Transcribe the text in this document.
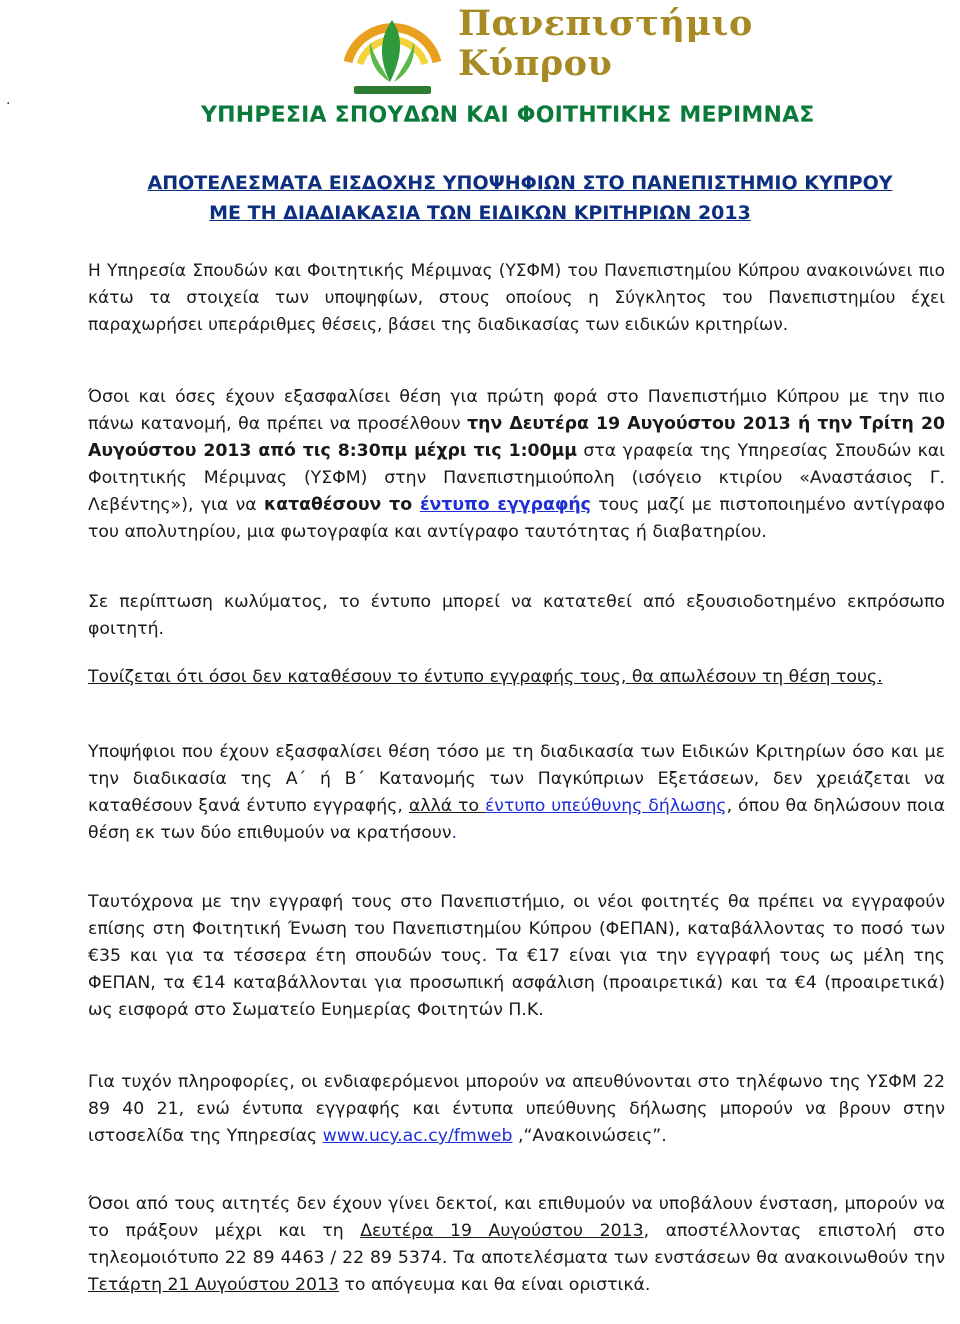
Πανεπιστήμιο
Κύπρου
.
ΥΠΗΡΕΣΙΑ ΣΠΟΥΔΩΝ ΚΑΙ ΦΟΙΤΗΤΙΚΗΣ ΜΕΡΙΜΝΑΣ
ΑΠΟΤΕΛΕΣΜΑΤΑ ΕΙΣΔΟΧΗΣ ΥΠΟΨΗΦΙΩΝ ΣΤΟ ΠΑΝΕΠΙΣΤΗΜΙΟ ΚΥΠΡΟΥ
ΜΕ ΤΗ ΔΙΑΔΙΑΚΑΣΙΑ ΤΩΝ ΕΙΔΙΚΩΝ ΚΡΙΤΗΡΙΩΝ 2013
Η Υπηρεσία Σπουδών και Φοιτητικής Μέριμνας (ΥΣΦΜ) του Πανεπιστημίου Κύπρου ανακοινώνει πιο κάτω τα στοιχεία των υποψηφίων, στους οποίους η Σύγκλητος του Πανεπιστημίου έχει παραχωρήσει υπεράριθμες θέσεις, βάσει της διαδικασίας των ειδικών κριτηρίων.
Όσοι και όσες έχουν εξασφαλίσει θέση για πρώτη φορά στο Πανεπιστήμιο Κύπρου με την πιο πάνω κατανομή, θα πρέπει να προσέλθουν την Δευτέρα 19 Αυγούστου 2013 ή την Τρίτη 20 Αυγούστου 2013 από τις 8:30πμ μέχρι τις 1:00μμ στα γραφεία της Υπηρεσίας Σπουδών και Φοιτητικής Μέριμνας (ΥΣΦΜ) στην Πανεπιστημιούπολη (ισόγειο κτιρίου «Αναστάσιος Γ. Λεβέντης»), για να καταθέσουν το έντυπο εγγραφής τους μαζί με πιστοποιημένο αντίγραφο του απολυτηρίου, μια φωτογραφία και αντίγραφο ταυτότητας ή διαβατηρίου.
Σε περίπτωση κωλύματος, το έντυπο μπορεί να κατατεθεί από εξουσιοδοτημένο εκπρόσωπο φοιτητή.
Τονίζεται ότι όσοι δεν καταθέσουν το έντυπο εγγραφής τους, θα απωλέσουν τη θέση τους.
Υποψήφιοι που έχουν εξασφαλίσει θέση τόσο με τη διαδικασία των Ειδικών Κριτηρίων όσο και με την διαδικασία της Α΄ ή Β΄ Κατανομής των Παγκύπριων Εξετάσεων, δεν χρειάζεται να καταθέσουν ξανά έντυπο εγγραφής, αλλά το έντυπο υπεύθυνης δήλωσης, όπου θα δηλώσουν ποια θέση εκ των δύο επιθυμούν να κρατήσουν.
Ταυτόχρονα με την εγγραφή τους στο Πανεπιστήμιο, οι νέοι φοιτητές θα πρέπει να εγγραφούν επίσης στη Φοιτητική Ένωση του Πανεπιστημίου Κύπρου (ΦΕΠΑΝ), καταβάλλοντας το ποσό των €35 και για τα τέσσερα έτη σπουδών τους. Τα €17 είναι για την εγγραφή τους ως μέλη της ΦΕΠΑΝ, τα €14 καταβάλλονται για προσωπική ασφάλιση (προαιρετικά) και τα €4 (προαιρετικά) ως εισφορά στο Σωματείο Ευημερίας Φοιτητών Π.Κ.
Για τυχόν πληροφορίες, οι ενδιαφερόμενοι μπορούν να απευθύνονται στο τηλέφωνο της ΥΣΦΜ 22 89 40 21, ενώ έντυπα εγγραφής και έντυπα υπεύθυνης δήλωσης μπορούν να βρουν στην ιστοσελίδα της Υπηρεσίας www.ucy.ac.cy/fmweb ,“Ανακοινώσεις”.
Όσοι από τους αιτητές δεν έχουν γίνει δεκτοί, και επιθυμούν να υποβάλουν ένσταση, μπορούν να το πράξουν μέχρι και τη Δευτέρα 19 Αυγούστου 2013, αποστέλλοντας επιστολή στο τηλεομοιότυπο 22 89 4463 / 22 89 5374. Τα αποτελέσματα των ενστάσεων θα ανακοινωθούν την Τετάρτη 21 Αυγούστου 2013 το απόγευμα και θα είναι οριστικά.
